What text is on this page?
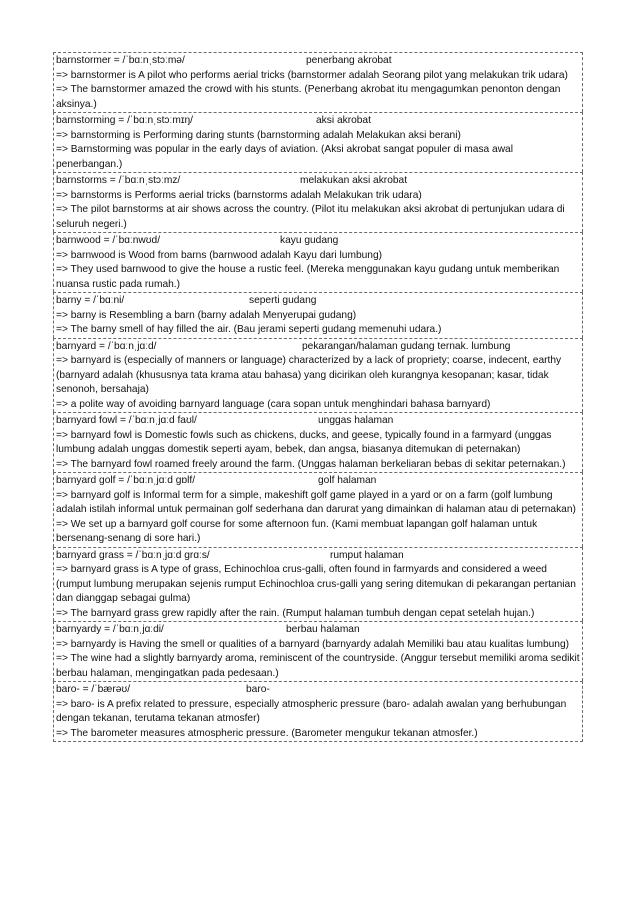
barnstormer = /ˈbɑːnˌstɔːmə/	penerbang akrobat

=> barnstormer is A pilot who performs aerial tricks (barnstormer adalah Seorang pilot yang melakukan trik udara)

=> The barnstormer amazed the crowd with his stunts. (Penerbang akrobat itu mengagumkan penonton dengan aksinya.)

barnstorming = /ˈbɑːnˌstɔːmɪŋ/	aksi akrobat

=> barnstorming is Performing daring stunts (barnstorming adalah Melakukan aksi berani)

=> Barnstorming was popular in the early days of aviation. (Aksi akrobat sangat populer di masa awal penerbangan.)

barnstorms = /ˈbɑːnˌstɔːmz/	melakukan aksi akrobat

=> barnstorms is Performs aerial tricks (barnstorms adalah Melakukan trik udara)

=> The pilot barnstorms at air shows across the country. (Pilot itu melakukan aksi akrobat di pertunjukan udara di seluruh negeri.)

barnwood = /ˈbɑːnwʊd/	kayu gudang

=> barnwood is Wood from barns (barnwood adalah Kayu dari lumbung)

=> They used barnwood to give the house a rustic feel. (Mereka menggunakan kayu gudang untuk memberikan nuansa rustic pada rumah.)

barny = /ˈbɑːni/	seperti gudang

=> barny is Resembling a barn (barny adalah Menyerupai gudang)

=> The barny smell of hay filled the air. (Bau jerami seperti gudang memenuhi udara.)

barnyard = /ˈbɑːnˌjɑːd/	pekarangan/halaman gudang ternak. lumbung

=> barnyard is (especially of manners or language) characterized by a lack of propriety; coarse, indecent, earthy (barnyard adalah (khususnya tata krama atau bahasa) yang dicirikan oleh kurangnya kesopanan; kasar, tidak senonoh, bersahaja)

=> a polite way of avoiding barnyard language (cara sopan untuk menghindari bahasa barnyard)

barnyard fowl = /ˈbɑːnˌjɑːd faʊl/	unggas halaman

=> barnyard fowl is Domestic fowls such as chickens, ducks, and geese, typically found in a farmyard (unggas lumbung adalah unggas domestik seperti ayam, bebek, dan angsa, biasanya ditemukan di peternakan)

=> The barnyard fowl roamed freely around the farm. (Unggas halaman berkeliaran bebas di sekitar peternakan.)

barnyard golf = /ˈbɑːnˌjɑːd ɡɒlf/	golf halaman

=> barnyard golf is Informal term for a simple, makeshift golf game played in a yard or on a farm (golf lumbung adalah istilah informal untuk permainan golf sederhana dan darurat yang dimainkan di halaman atau di peternakan)

=> We set up a barnyard golf course for some afternoon fun. (Kami membuat lapangan golf halaman untuk bersenang-senang di sore hari.)

barnyard grass = /ˈbɑːnˌjɑːd ɡrɑːs/	rumput halaman

=> barnyard grass is A type of grass, Echinochloa crus-galli, often found in farmyards and considered a weed (rumput lumbung merupakan sejenis rumput Echinochloa crus-galli yang sering ditemukan di pekarangan pertanian dan dianggap sebagai gulma)

=> The barnyard grass grew rapidly after the rain. (Rumput halaman tumbuh dengan cepat setelah hujan.)

barnyardy = /ˈbɑːnˌjɑːdi/	berbau halaman

=> barnyardy is Having the smell or qualities of a barnyard (barnyardy adalah Memiliki bau atau kualitas lumbung)

=> The wine had a slightly barnyardy aroma, reminiscent of the countryside. (Anggur tersebut memiliki aroma sedikit berbau halaman, mengingatkan pada pedesaan.)

baro- = /ˈbærəʊ/	baro-

=> baro- is A prefix related to pressure, especially atmospheric pressure (baro- adalah awalan yang berhubungan dengan tekanan, terutama tekanan atmosfer)

=> The barometer measures atmospheric pressure. (Barometer mengukur tekanan atmosfer.)
